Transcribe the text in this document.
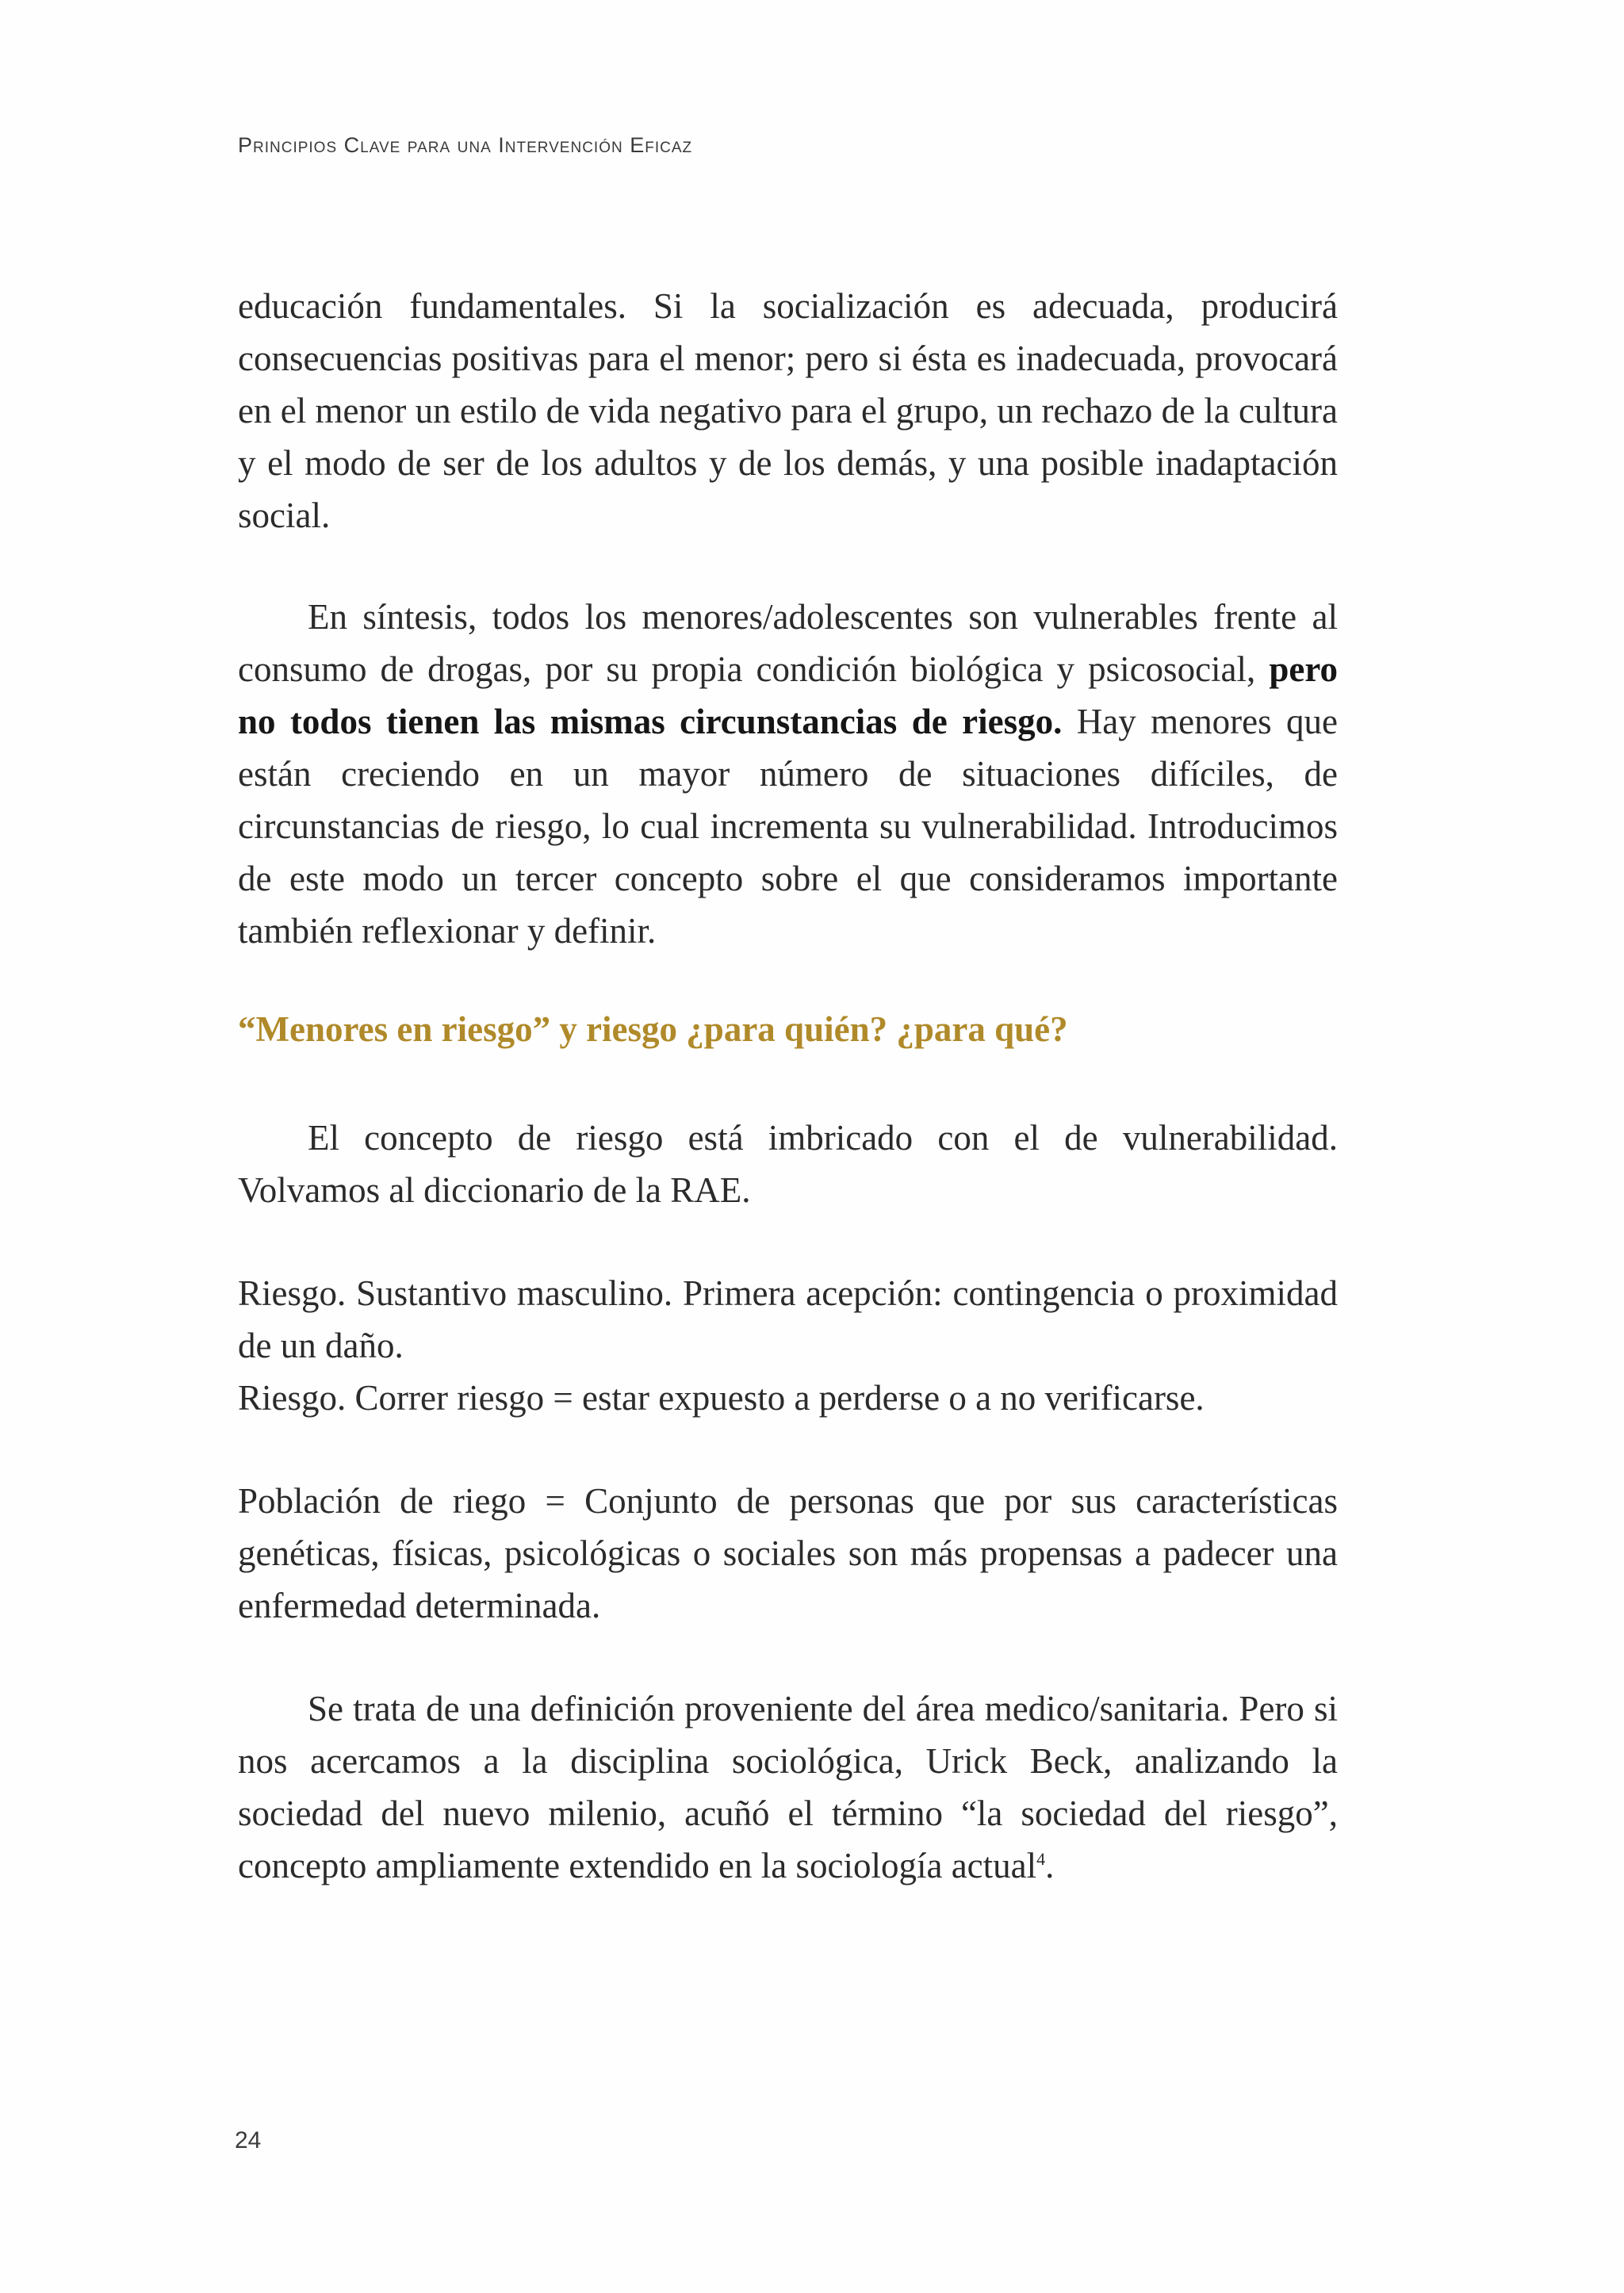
Principios Clave para una Intervención Eficaz

educación fundamentales. Si la socialización es adecuada, producirá consecuencias positivas para el menor; pero si ésta es inadecuada, provocará en el menor un estilo de vida negativo para el grupo, un rechazo de la cultura y el modo de ser de los adultos y de los demás, y una posible inadaptación social.

En síntesis, todos los menores/adolescentes son vulnerables frente al consumo de drogas, por su propia condición biológica y psicosocial, pero no todos tienen las mismas circunstancias de riesgo. Hay menores que están creciendo en un mayor número de situaciones difíciles, de circunstancias de riesgo, lo cual incrementa su vulnerabilidad. Introducimos de este modo un tercer concepto sobre el que consideramos importante también reflexionar y definir.

“Menores en riesgo” y riesgo ¿para quién? ¿para qué?

El concepto de riesgo está imbricado con el de vulnerabilidad. Volvamos al diccionario de la RAE.

Riesgo. Sustantivo masculino. Primera acepción: contingencia o proximidad de un daño.

Riesgo. Correr riesgo = estar expuesto a perderse o a no verificarse.

Población de riego = Conjunto de personas que por sus características genéticas, físicas, psicológicas o sociales son más propensas a padecer una enfermedad determinada.

Se trata de una definición proveniente del área medico/sanitaria. Pero si nos acercamos a la disciplina sociológica, Urick Beck, analizando la sociedad del nuevo milenio, acuñó el término “la sociedad del riesgo”, concepto ampliamente extendido en la sociología actual$^4$.

24
